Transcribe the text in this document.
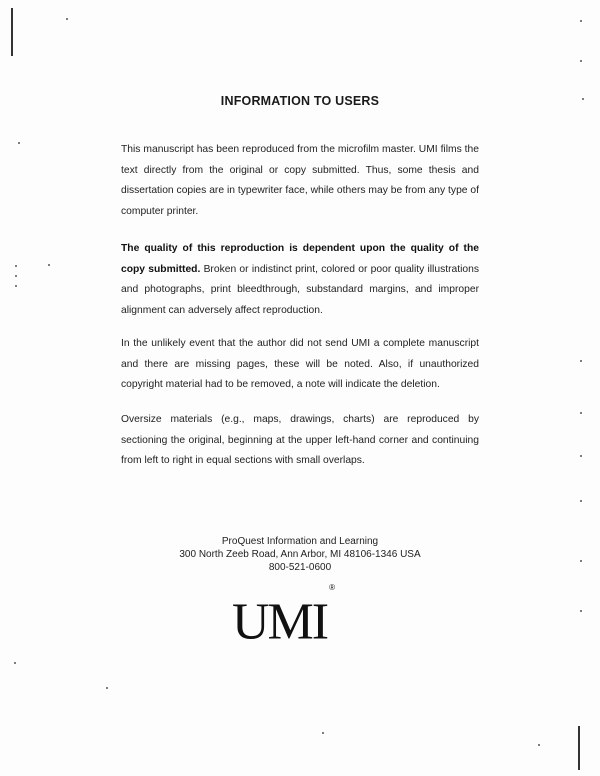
INFORMATION TO USERS
This manuscript has been reproduced from the microfilm master. UMI films the text directly from the original or copy submitted. Thus, some thesis and dissertation copies are in typewriter face, while others may be from any type of computer printer.
The quality of this reproduction is dependent upon the quality of the copy submitted. Broken or indistinct print, colored or poor quality illustrations and photographs, print bleedthrough, substandard margins, and improper alignment can adversely affect reproduction.
In the unlikely event that the author did not send UMI a complete manuscript and there are missing pages, these will be noted. Also, if unauthorized copyright material had to be removed, a note will indicate the deletion.
Oversize materials (e.g., maps, drawings, charts) are reproduced by sectioning the original, beginning at the upper left-hand corner and continuing from left to right in equal sections with small overlaps.
ProQuest Information and Learning
300 North Zeeb Road, Ann Arbor, MI 48106-1346 USA
800-521-0600
UMI®
